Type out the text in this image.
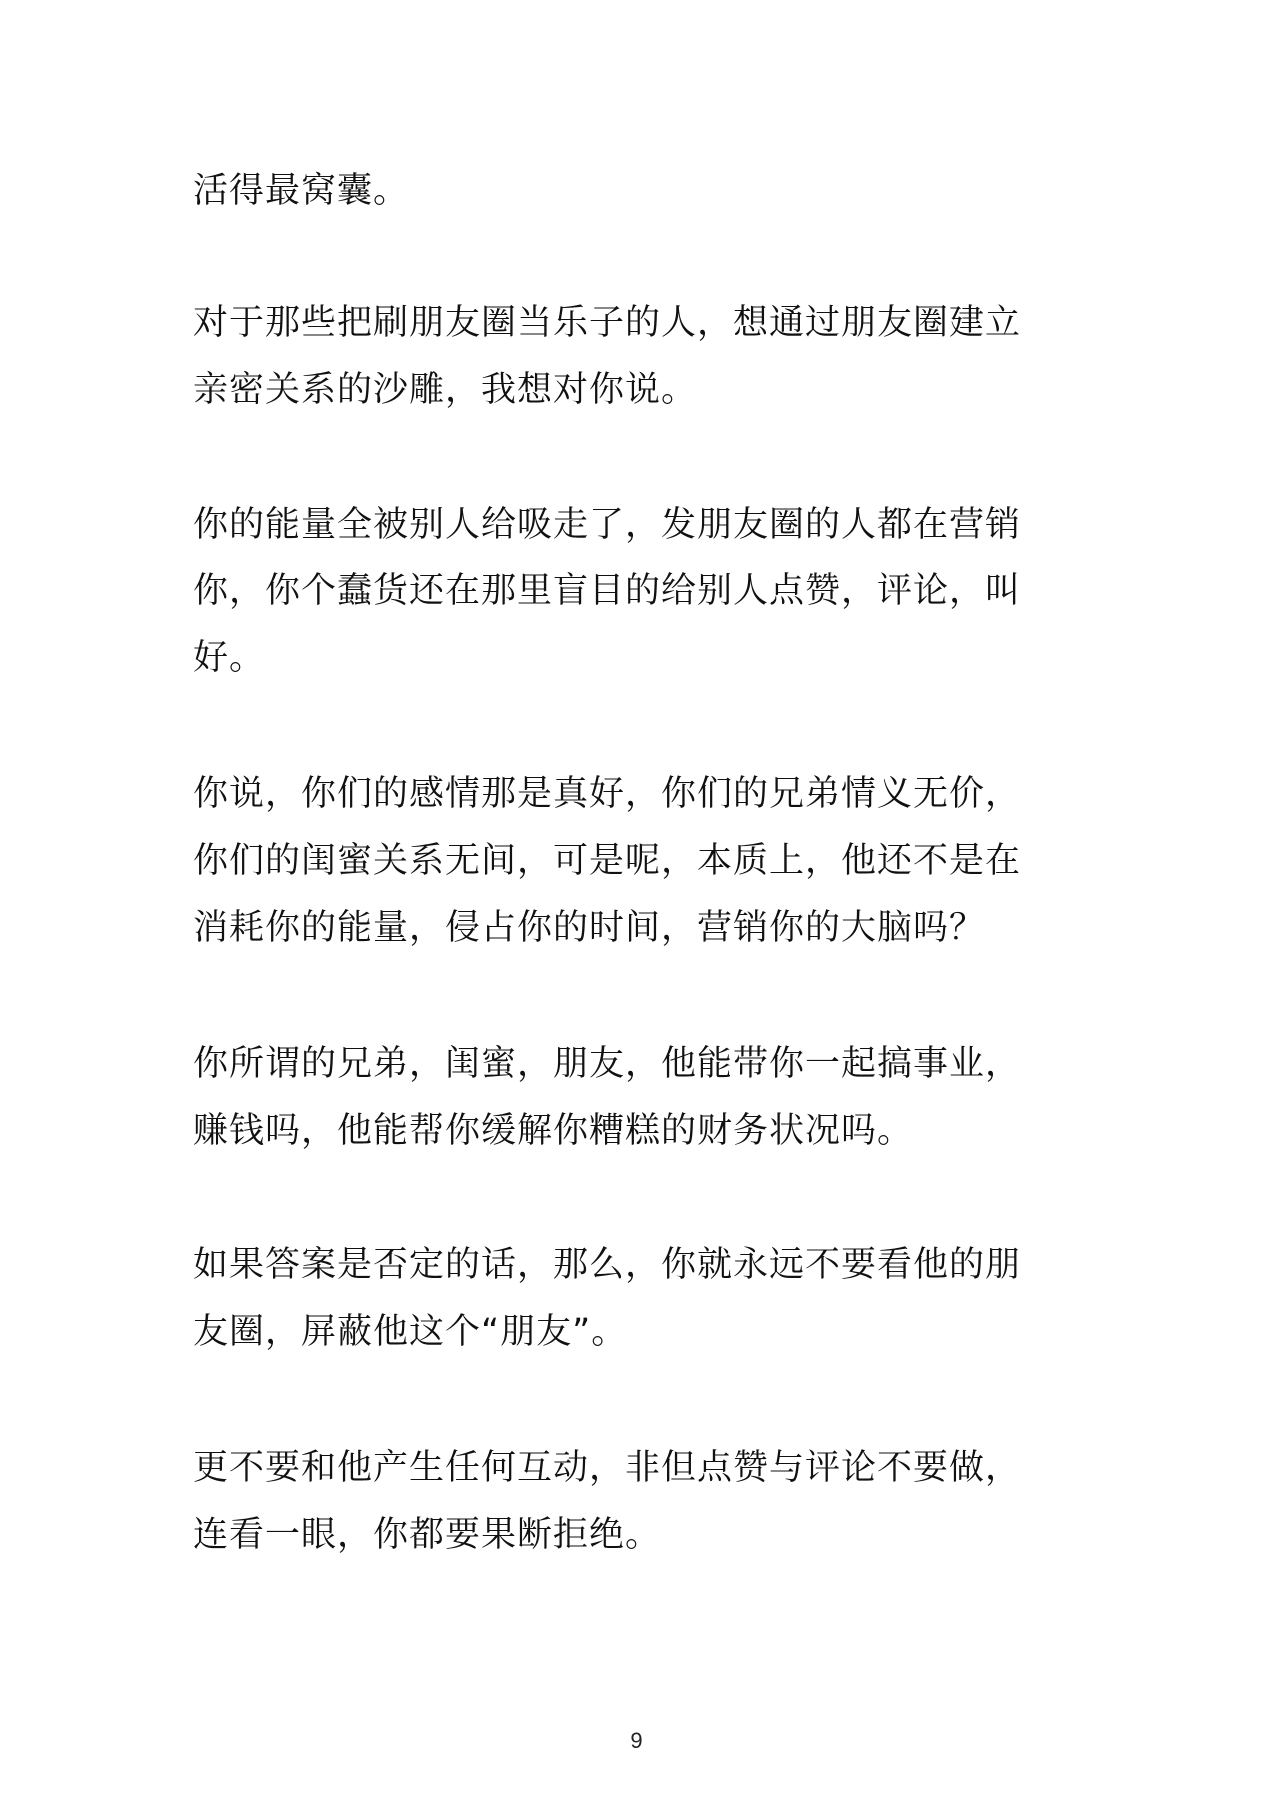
活得最窝囊。
对于那些把刷朋友圈当乐子的人，想通过朋友圈建立
亲密关系的沙雕，我想对你说。
你的能量全被别人给吸走了，发朋友圈的人都在营销
你，你个蠢货还在那里盲目的给别人点赞，评论，叫
好。
你说，你们的感情那是真好，你们的兄弟情义无价，
你们的闺蜜关系无间，可是呢，本质上，他还不是在
消耗你的能量，侵占你的时间，营销你的大脑吗？
你所谓的兄弟，闺蜜，朋友，他能带你一起搞事业，
赚钱吗，他能帮你缓解你糟糕的财务状况吗。
如果答案是否定的话，那么，你就永远不要看他的朋
友圈，屏蔽他这个“朋友”。
更不要和他产生任何互动，非但点赞与评论不要做，
连看一眼，你都要果断拒绝。
9
